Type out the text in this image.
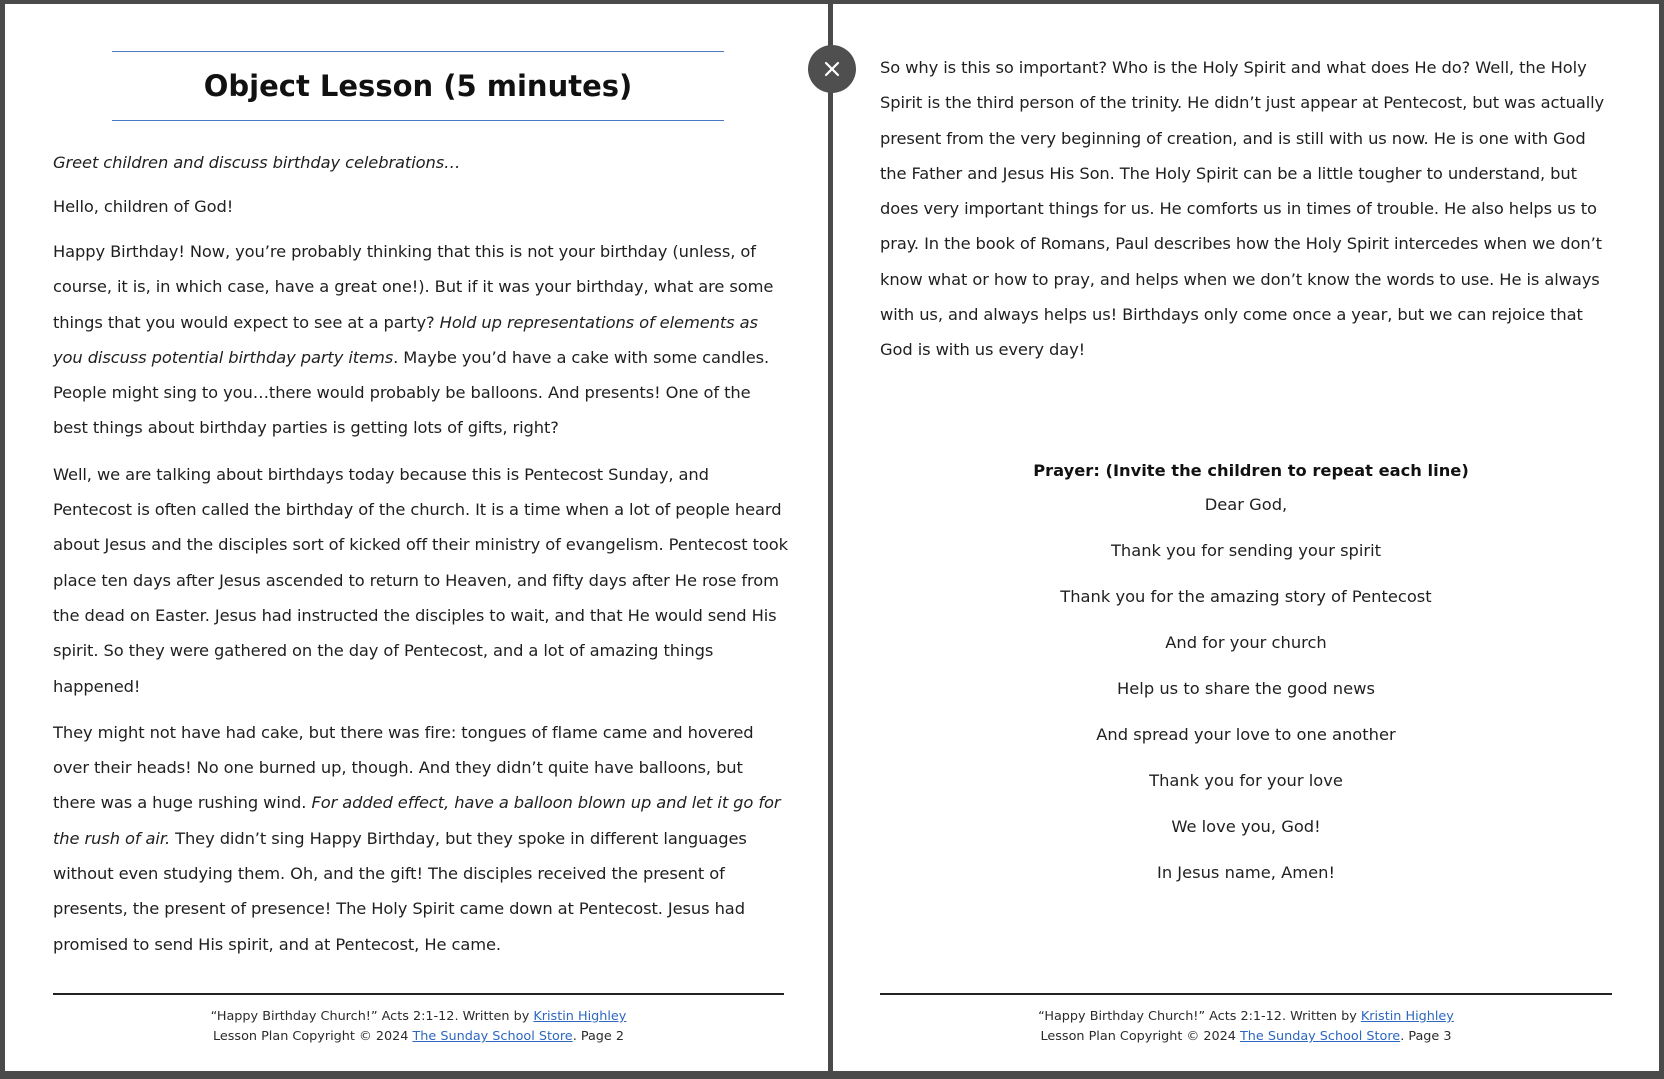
Object Lesson (5 minutes)

Greet children and discuss birthday celebrations…

Hello, children of God!

Happy Birthday! Now, you’re probably thinking that this is not your birthday (unless, of course, it is, in which case, have a great one!). But if it was your birthday, what are some things that you would expect to see at a party? Hold up representations of elements as you discuss potential birthday party items. Maybe you’d have a cake with some candles. People might sing to you…there would probably be balloons. And presents! One of the best things about birthday parties is getting lots of gifts, right?

Well, we are talking about birthdays today because this is Pentecost Sunday, and Pentecost is often called the birthday of the church. It is a time when a lot of people heard about Jesus and the disciples sort of kicked off their ministry of evangelism. Pentecost took place ten days after Jesus ascended to return to Heaven, and fifty days after He rose from the dead on Easter. Jesus had instructed the disciples to wait, and that He would send His spirit. So they were gathered on the day of Pentecost, and a lot of amazing things happened!

They might not have had cake, but there was fire: tongues of flame came and hovered over their heads! No one burned up, though. And they didn’t quite have balloons, but there was a huge rushing wind. For added effect, have a balloon blown up and let it go for the rush of air. They didn’t sing Happy Birthday, but they spoke in different languages without even studying them. Oh, and the gift! The disciples received the present of presents, the present of presence! The Holy Spirit came down at Pentecost. Jesus had promised to send His spirit, and at Pentecost, He came.

“Happy Birthday Church!” Acts 2:1-12. Written by Kristin Highley
Lesson Plan Copyright © 2024 The Sunday School Store. Page 2

So why is this so important? Who is the Holy Spirit and what does He do? Well, the Holy Spirit is the third person of the trinity. He didn’t just appear at Pentecost, but was actually present from the very beginning of creation, and is still with us now. He is one with God the Father and Jesus His Son. The Holy Spirit can be a little tougher to understand, but does very important things for us. He comforts us in times of trouble. He also helps us to pray. In the book of Romans, Paul describes how the Holy Spirit intercedes when we don’t know what or how to pray, and helps when we don’t know the words to use. He is always with us, and always helps us! Birthdays only come once a year, but we can rejoice that God is with us every day!

Prayer: (Invite the children to repeat each line)

Dear God,

Thank you for sending your spirit

Thank you for the amazing story of Pentecost

And for your church

Help us to share the good news

And spread your love to one another

Thank you for your love

We love you, God!

In Jesus name, Amen!

“Happy Birthday Church!” Acts 2:1-12. Written by Kristin Highley
Lesson Plan Copyright © 2024 The Sunday School Store. Page 3
